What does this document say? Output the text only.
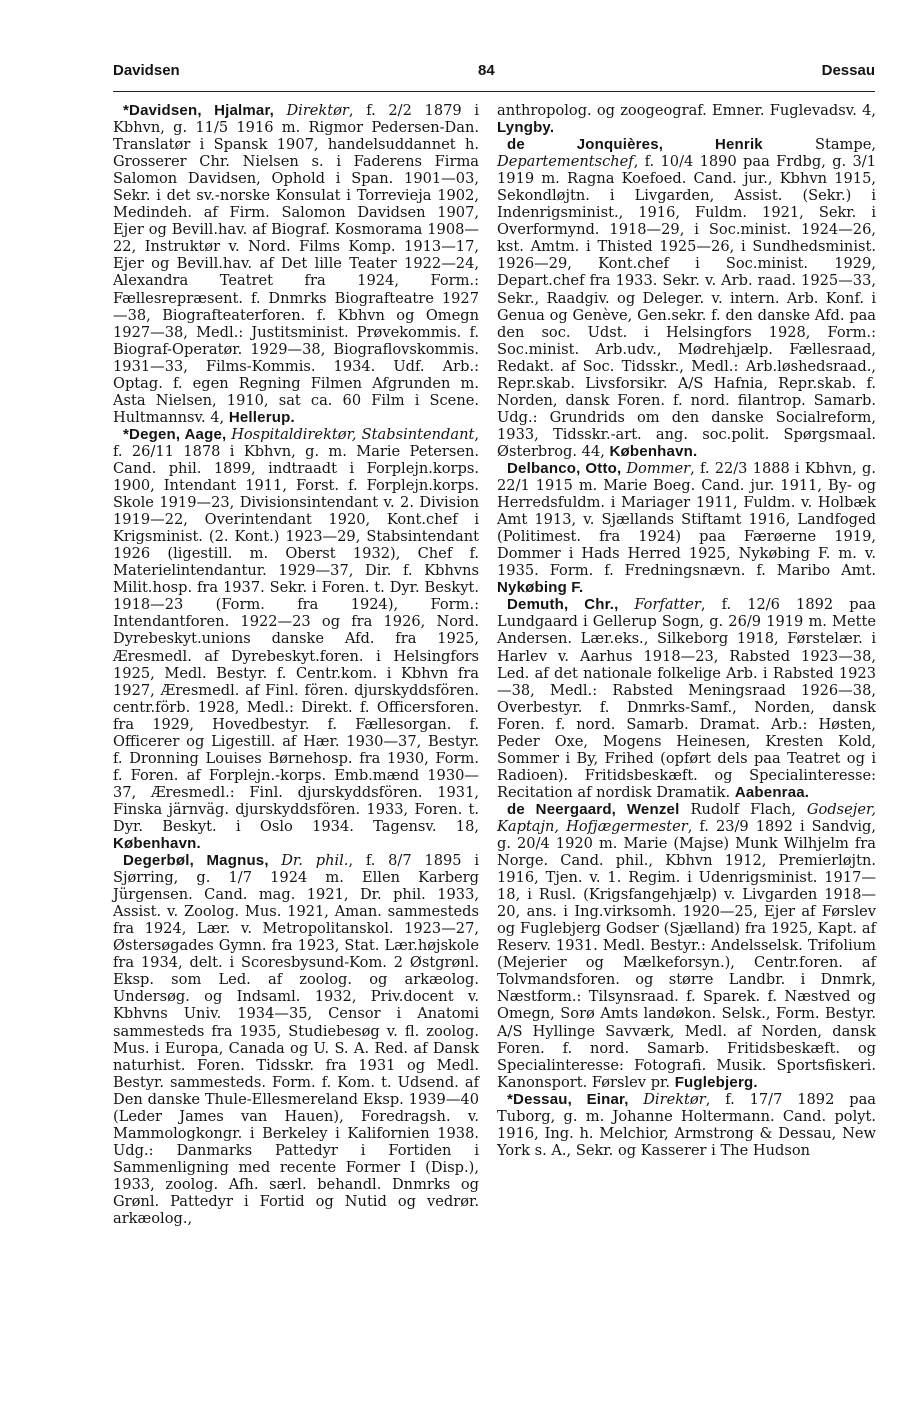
Davidsen	84	Dessau

*Davidsen, Hjalmar, Direktør, f. 2/2 1879 i Kbhvn, g. 11/5 1916 m. Rigmor Pedersen-Dan. Translatør i Spansk 1907, handelsuddannet h. Grosserer Chr. Nielsen s. i Faderens Firma Salomon Davidsen, Ophold i Span. 1901—03, Sekr. i det sv.-norske Konsulat i Torrevieja 1902, Medindeh. af Firm. Salomon Davidsen 1907, Ejer og Bevill.hav. af Biograf. Kosmorama 1908—22, Instruktør v. Nord. Films Komp. 1913—17, Ejer og Bevill.hav. af Det lille Teater 1922—24, Alexandra Teatret fra 1924, Form.: Fællesrepræsent. f. Dnmrks Biografteatre 1927—38, Biografteaterforen. f. Kbhvn og Omegn 1927—38, Medl.: Justitsminist. Prøvekommis. f. Biograf-Operatør. 1929—38, Biograflovskommis. 1931—33, Films-Kommis. 1934. Udf. Arb.: Optag. f. egen Regning Filmen Afgrunden m. Asta Nielsen, 1910, sat ca. 60 Film i Scene. Hultmannsv. 4, Hellerup.

*Degen, Aage, Hospitaldirektør, Stabsintendant, f. 26/11 1878 i Kbhvn, g. m. Marie Petersen. Cand. phil. 1899, indtraadt i Forplejn.korps. 1900, Intendant 1911, Forst. f. Forplejn.korps. Skole 1919—23, Divisionsintendant v. 2. Division 1919—22, Overintendant 1920, Kont.chef i Krigsminist. (2. Kont.) 1923—29, Stabsintendant 1926 (ligestill. m. Oberst 1932), Chef f. Materielintendantur. 1929—37, Dir. f. Kbhvns Milit.hosp. fra 1937. Sekr. i Foren. t. Dyr. Beskyt. 1918—23 (Form. fra 1924), Form.: Intendantforen. 1922—23 og fra 1926, Nord. Dyrebeskyt.unions danske Afd. fra 1925, Æresmedl. af Dyrebeskyt.foren. i Helsingfors 1925, Medl. Bestyr. f. Centr.kom. i Kbhvn fra 1927, Æresmedl. af Finl. fören. djurskyddsfören. centr.förb. 1928, Medl.: Direkt. f. Officersforen. fra 1929, Hovedbestyr. f. Fællesorgan. f. Officerer og Ligestill. af Hær. 1930—37, Bestyr. f. Dronning Louises Børnehosp. fra 1930, Form. f. Foren. af Forplejn.-korps. Emb.mænd 1930—37, Æresmedl.: Finl. djurskyddsfören. 1931, Finska järnväg. djurskyddsfören. 1933, Foren. t. Dyr. Beskyt. i Oslo 1934. Tagensv. 18, København.

Degerbøl, Magnus, Dr. phil., f. 8/7 1895 i Sjørring, g. 1/7 1924 m. Ellen Karberg Jürgensen. Cand. mag. 1921, Dr. phil. 1933, Assist. v. Zoolog. Mus. 1921, Aman. sammesteds fra 1924, Lær. v. Metropolitanskol. 1923—27, Østersøgades Gymn. fra 1923, Stat. Lær.højskole fra 1934, delt. i Scoresbysund-Kom. 2 Østgrønl. Eksp. som Led. af zoolog. og arkæolog. Undersøg. og Indsaml. 1932, Priv.docent v. Kbhvns Univ. 1934—35, Censor i Anatomi sammesteds fra 1935, Studiebesøg v. fl. zoolog. Mus. i Europa, Canada og U. S. A. Red. af Dansk naturhist. Foren. Tidsskr. fra 1931 og Medl. Bestyr. sammesteds. Form. f. Kom. t. Udsend. af Den danske Thule-Ellesmereland Eksp. 1939—40 (Leder James van Hauen), Foredragsh. v. Mammologkongr. i Berkeley i Kalifornien 1938. Udg.: Danmarks Pattedyr i Fortiden i Sammenligning med recente Former I (Disp.), 1933, zoolog. Afh. særl. behandl. Dnmrks og Grønl. Pattedyr i Fortid og Nutid og vedrør. arkæolog.,

anthropolog. og zoogeograf. Emner. Fuglevadsv. 4, Lyngby.

de Jonquières, Henrik Stampe, Departementschef, f. 10/4 1890 paa Frdbg, g. 3/1 1919 m. Ragna Koefoed. Cand. jur., Kbhvn 1915, Sekondløjtn. i Livgarden, Assist. (Sekr.) i Indenrigsminist., 1916, Fuldm. 1921, Sekr. i Overformynd. 1918—29, i Soc.minist. 1924—26, kst. Amtm. i Thisted 1925—26, i Sundhedsminist. 1926—29, Kont.chef i Soc.minist. 1929, Depart.chef fra 1933. Sekr. v. Arb. raad. 1925—33, Sekr., Raadgiv. og Deleger. v. intern. Arb. Konf. i Genua og Genève, Gen.sekr. f. den danske Afd. paa den soc. Udst. i Helsingfors 1928, Form.: Soc.minist. Arb.udv., Mødrehjælp. Fællesraad, Redakt. af Soc. Tidsskr., Medl.: Arb.løshedsraad., Repr.skab. Livsforsikr. A/S Hafnia, Repr.skab. f. Norden, dansk Foren. f. nord. filantrop. Samarb. Udg.: Grundrids om den danske Socialreform, 1933, Tidsskr.-art. ang. soc.polit. Spørgsmaal. Østerbrog. 44, København.

Delbanco, Otto, Dommer, f. 22/3 1888 i Kbhvn, g. 22/1 1915 m. Marie Boeg. Cand. jur. 1911, By- og Herredsfuldm. i Mariager 1911, Fuldm. v. Holbæk Amt 1913, v. Sjællands Stiftamt 1916, Landfoged (Politimest. fra 1924) paa Færøerne 1919, Dommer i Hads Herred 1925, Nykøbing F. m. v. 1935. Form. f. Fredningsnævn. f. Maribo Amt. Nykøbing F.

Demuth, Chr., Forfatter, f. 12/6 1892 paa Lundgaard i Gellerup Sogn, g. 26/9 1919 m. Mette Andersen. Lær.eks., Silkeborg 1918, Førstelær. i Harlev v. Aarhus 1918—23, Rabsted 1923—38, Led. af det nationale folkelige Arb. i Rabsted 1923—38, Medl.: Rabsted Meningsraad 1926—38, Overbestyr. f. Dnmrks-Samf., Norden, dansk Foren. f. nord. Samarb. Dramat. Arb.: Høsten, Peder Oxe, Mogens Heinesen, Kresten Kold, Sommer i By, Frihed (opført dels paa Teatret og i Radioen). Fritidsbeskæft. og Specialinteresse: Recitation af nordisk Dramatik. Aabenraa.

de Neergaard, Wenzel Rudolf Flach, Godsejer, Kaptajn, Hofjægermester, f. 23/9 1892 i Sandvig, g. 20/4 1920 m. Marie (Majse) Munk Wilhjelm fra Norge. Cand. phil., Kbhvn 1912, Premierløjtn. 1916, Tjen. v. 1. Regim. i Udenrigsminist. 1917—18, i Rusl. (Krigsfangehjælp) v. Livgarden 1918—20, ans. i Ing.virksomh. 1920—25, Ejer af Førslev og Fuglebjerg Godser (Sjælland) fra 1925, Kapt. af Reserv. 1931. Medl. Bestyr.: Andelsselsk. Trifolium (Mejerier og Mælkeforsyn.), Centr.foren. af Tolvmandsforen. og større Landbr. i Dnmrk, Næstform.: Tilsynsraad. f. Sparek. f. Næstved og Omegn, Sorø Amts landøkon. Selsk., Form. Bestyr. A/S Hyllinge Savværk, Medl. af Norden, dansk Foren. f. nord. Samarb. Fritidsbeskæft. og Specialinteresse: Fotografi. Musik. Sportsfiskeri. Kanonsport. Førslev pr. Fuglebjerg.

*Dessau, Einar, Direktør, f. 17/7 1892 paa Tuborg, g. m. Johanne Holtermann. Cand. polyt. 1916, Ing. h. Melchior, Armstrong & Dessau, New York s. A., Sekr. og Kasserer i The Hudson
